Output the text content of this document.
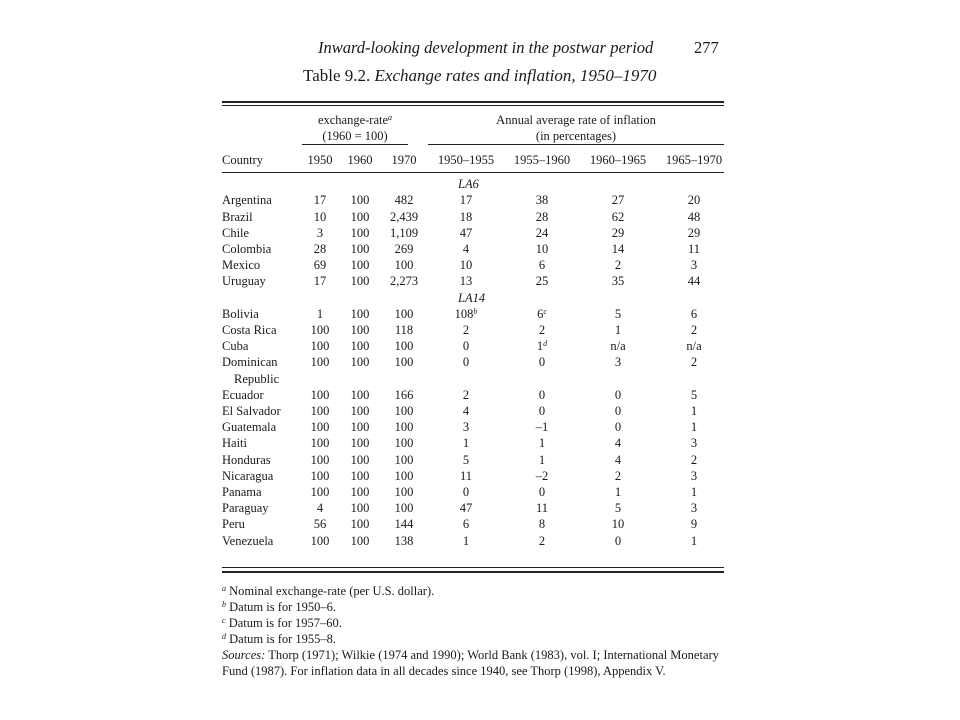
Inward-looking development in the postwar period 277
Table 9.2. Exchange rates and inflation, 1950–1970
exchange-rate$^a$
(1960 = 100)
Annual average rate of inflation
(in percentages)
Country	1950	1960	1970	1950–1955	1955–1960	1960–1965	1965–1970
LA6							
Argentina	17	100	482	17	38	27	20
Brazil	10	100	2,439	18	28	62	48
Chile	3	100	1,109	47	24	29	29
Colombia	28	100	269	4	10	14	11
Mexico	69	100	100	10	6	2	3
Uruguay	17	100	2,273	13	25	35	44
LA14							
Bolivia	1	100	100	108$^b$	6$^c$	5	6
Costa Rica	100	100	118	2	2	1	2
Cuba	100	100	100	0	1$^d$	n/a	n/a
Dominican
Republic	100	100	100	0	0	3	2
Ecuador	100	100	166	2	0	0	5
El Salvador	100	100	100	4	0	0	1
Guatemala	100	100	100	3	–1	0	1
Haiti	100	100	100	1	1	4	3
Honduras	100	100	100	5	1	4	2
Nicaragua	100	100	100	11	–2	2	3
Panama	100	100	100	0	0	1	1
Paraguay	4	100	100	47	11	5	3
Peru	56	100	144	6	8	10	9
Venezuela	100	100	138	1	2	0	1

$^a$ Nominal exchange-rate (per U.S. dollar).

$^b$ Datum is for 1950–6.

$^c$ Datum is for 1957–60.

$^d$ Datum is for 1955–8.

Sources: Thorp (1971); Wilkie (1974 and 1990); World Bank (1983), vol. I; International Monetary Fund (1987). For inflation data in all decades since 1940, see Thorp (1998), Appendix V.
